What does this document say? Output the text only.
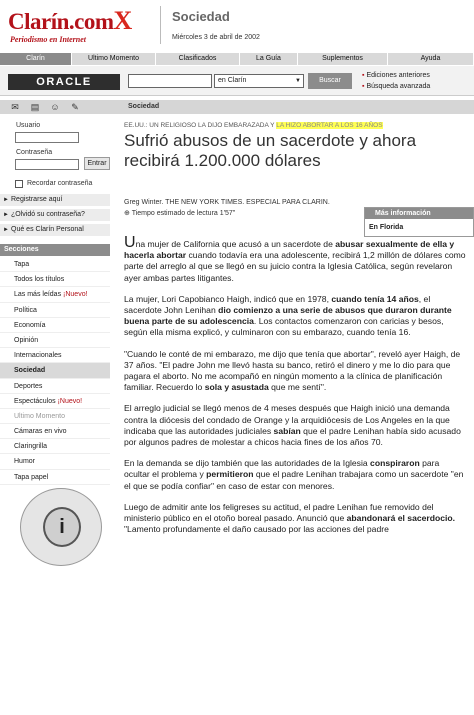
Clarín.comX
Periodismo en Internet
Sociedad
Miércoles 3 de abril de 2002
Clarín	Ultimo Momento	Clasificados	La Guía	Suplementos	Ayuda
ORACLE	en Clarín	▼	Buscar
▪ Ediciones anteriores
▪ Búsqueda avanzada
✉	▤	☺	✎	Sociedad
Usuario
Contraseña
Entrar
Recordar contraseña
► Registrarse aquí
► ¿Olvidó su contraseña?
► Qué es Clarín Personal
Secciones
Tapa
Todos los títulos
Las más leídas ¡Nuevo!
Política
Economía
Opinión
Internacionales
Sociedad
Deportes
Espectáculos ¡Nuevo!
Ultimo Momento
Cámaras en vivo
Claringrilla
Humor
Tapa papel
i
EE.UU.: UN RELIGIOSO LA DIJO EMBARAZADA Y LA HIZO ABORTAR A LOS 16 AÑOS
Sufrió abusos de un sacerdote y ahora recibirá 1.200.000 dólares
Greg Winter. THE NEW YORK TIMES. ESPECIAL PARA CLARIN.
⊕ Tiempo estimado de lectura 1'57"	Más información
En Florida

Una mujer de California que acusó a un sacerdote de abusar sexualmente de ella y hacerla abortar cuando todavía era una adolescente, recibirá 1,2 millón de dólares como parte del arreglo al que se llegó en su juicio contra la Iglesia Católica, según revelaron ayer ambas partes litigantes.

La mujer, Lori Capobianco Haigh, indicó que en 1978, cuando tenía 14 años, el sacerdote John Lenihan dio comienzo a una serie de abusos que duraron durante buena parte de su adolescencia. Los contactos comenzaron con caricias y besos, según ella misma explicó, y culminaron con su embarazo, cuando tenía 16.

"Cuando le conté de mi embarazo, me dijo que tenía que abortar", reveló ayer Haigh, de 37 años. "El padre John me llevó hasta su banco, retiró el dinero y me lo dio para que pagara el aborto. No me acompañó en ningún momento a la clínica de planificación familiar. Recuerdo lo sola y asustada que me sentí".

El arreglo judicial se llegó menos de 4 meses después que Haigh inició una demanda contra la diócesis del condado de Orange y la arquidiócesis de Los Angeles en la que indicaba que las autoridades judiciales sabían que el padre Lenihan había sido acusado por algunos padres de molestar a chicos hacia fines de los años 70.

En la demanda se dijo también que las autoridades de la Iglesia conspiraron para ocultar el problema y permitieron que el padre Lenihan trabajara como un sacerdote "en el que se podía confiar" en caso de estar con menores.

Luego de admitir ante los feligreses su actitud, el padre Lenihan fue removido del ministerio público en el otoño boreal pasado. Anunció que abandonará el sacerdocio. "Lamento profundamente el daño causado por las acciones del padre
